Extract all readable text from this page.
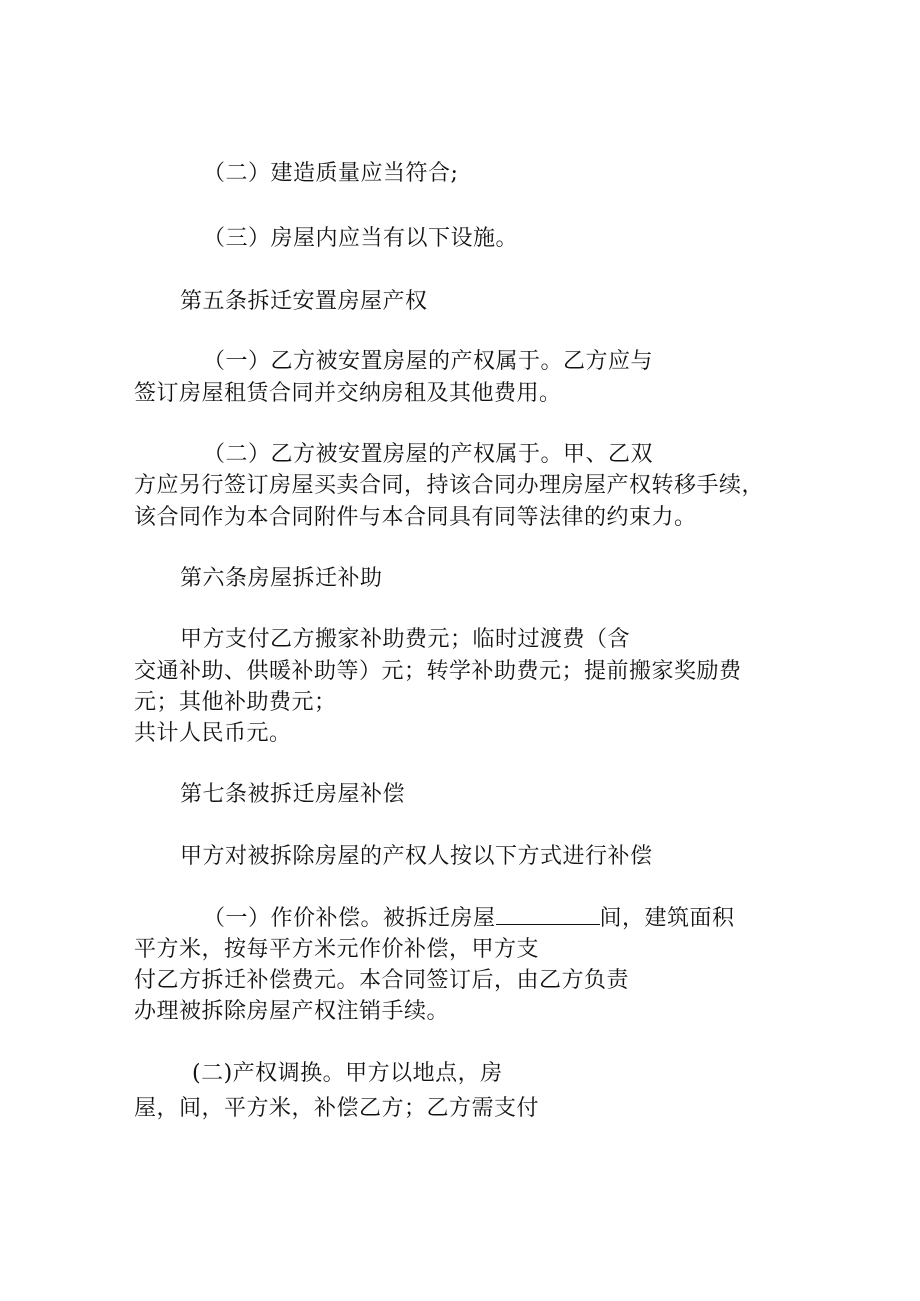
（二）建造质量应当符合;
（三）房屋内应当有以下设施。
第五条拆迁安置房屋产权
（一）乙方被安置房屋的产权属于。乙方应与
签订房屋租赁合同并交纳房租及其他费用。
（二）乙方被安置房屋的产权属于。甲、乙双
方应另行签订房屋买卖合同，持该合同办理房屋产权转移手续，
该合同作为本合同附件与本合同具有同等法律的约束力。
第六条房屋拆迁补助
甲方支付乙方搬家补助费元；临时过渡费（含
交通补助、供暖补助等）元；转学补助费元；提前搬家奖励费
元；其他补助费元；
共计人民币元。
第七条被拆迁房屋补偿
甲方对被拆除房屋的产权人按以下方式进行补偿
（一）作价补偿。被拆迁房屋	间，建筑面积
平方米，按每平方米元作价补偿，甲方支
付乙方拆迁补偿费元。本合同签订后，由乙方负责
办理被拆除房屋产权注销手续。
(二)产权调换。甲方以地点，房
屋，间，平方米，补偿乙方；乙方需支付
